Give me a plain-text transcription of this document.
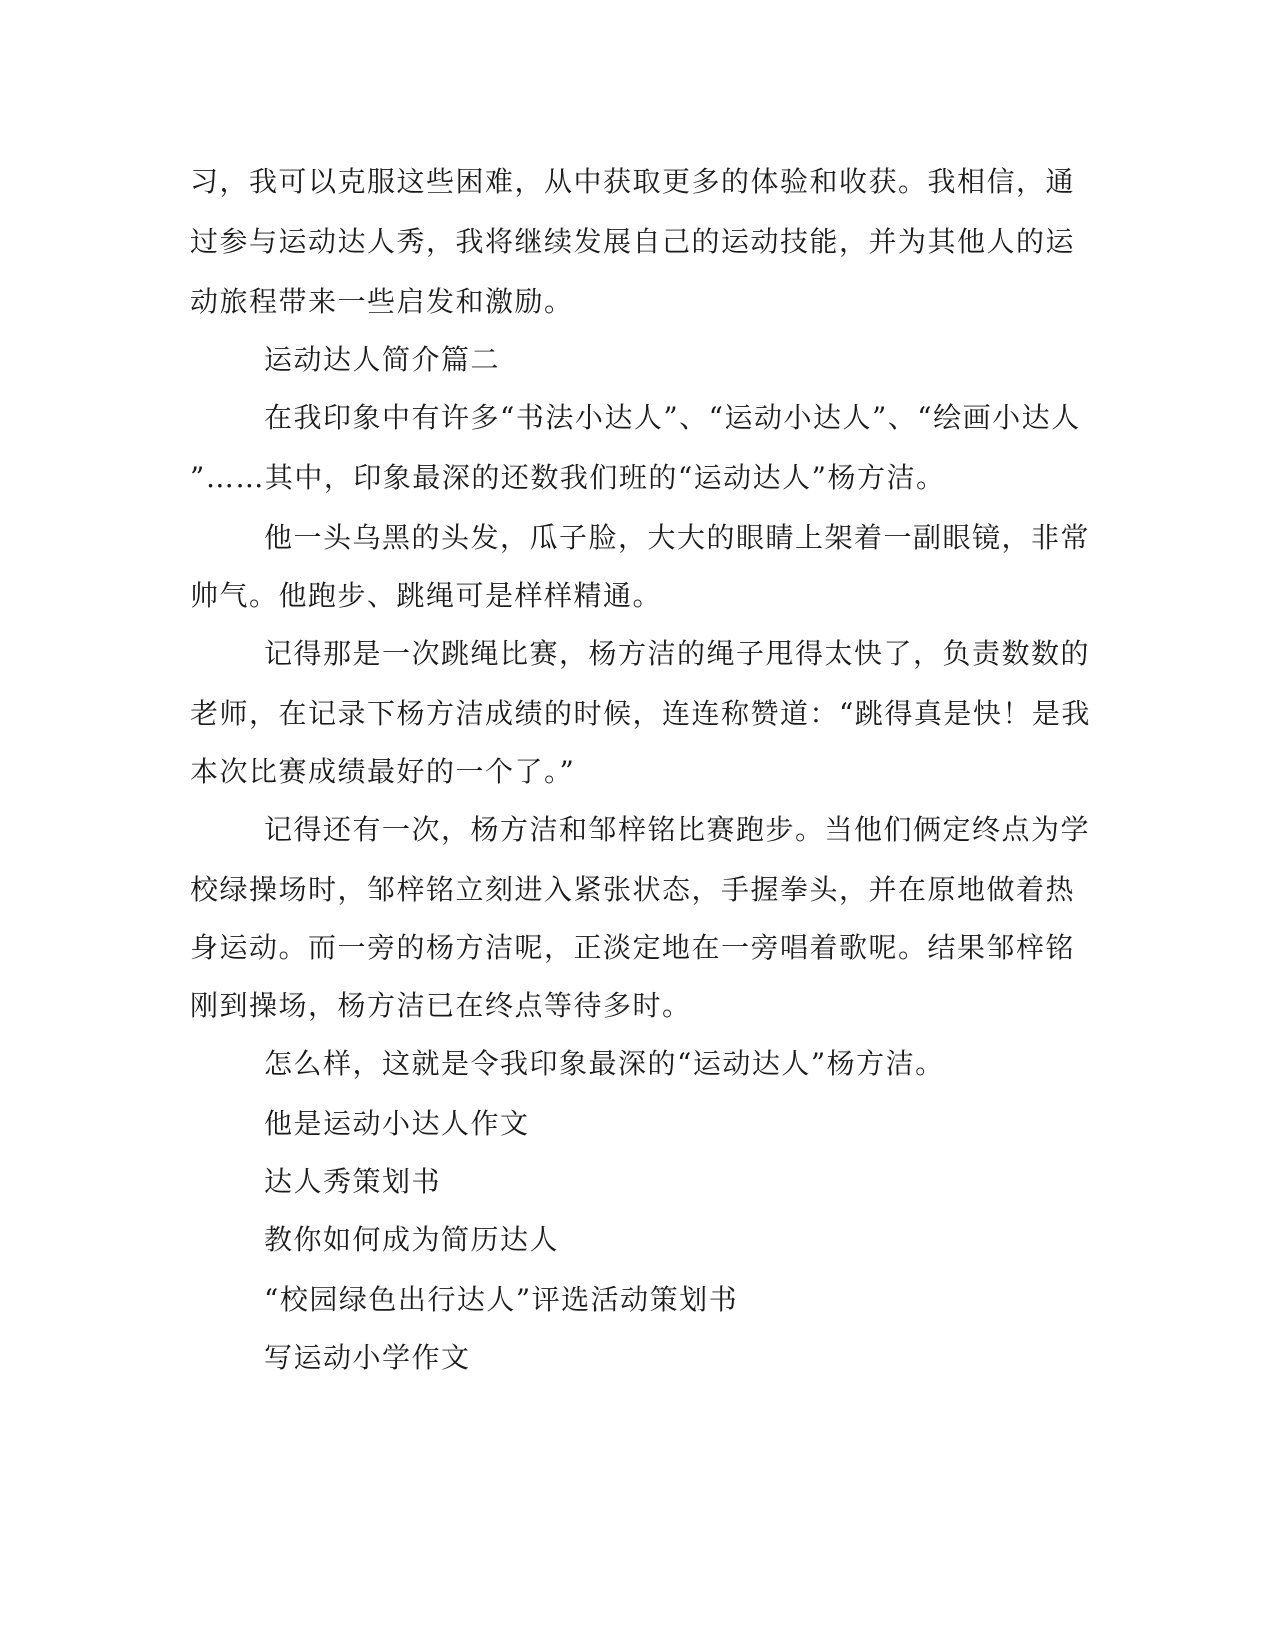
习，我可以克服这些困难，从中获取更多的体验和收获。我相信，通
过参与运动达人秀，我将继续发展自己的运动技能，并为其他人的运
动旅程带来一些启发和激励。
运动达人简介篇二
在我印象中有许多“书法小达人”、“运动小达人”、“绘画小达人
”……其中，印象最深的还数我们班的“运动达人”杨方洁。
他一头乌黑的头发，瓜子脸，大大的眼睛上架着一副眼镜，非常
帅气。他跑步、跳绳可是样样精通。
记得那是一次跳绳比赛，杨方洁的绳子甩得太快了，负责数数的
老师，在记录下杨方洁成绩的时候，连连称赞道：“跳得真是快！是我
本次比赛成绩最好的一个了。”
记得还有一次，杨方洁和邹梓铭比赛跑步。当他们俩定终点为学
校绿操场时，邹梓铭立刻进入紧张状态，手握拳头，并在原地做着热
身运动。而一旁的杨方洁呢，正淡定地在一旁唱着歌呢。结果邹梓铭
刚到操场，杨方洁已在终点等待多时。
怎么样，这就是令我印象最深的“运动达人”杨方洁。
他是运动小达人作文
达人秀策划书
教你如何成为简历达人
“校园绿色出行达人”评选活动策划书
写运动小学作文
